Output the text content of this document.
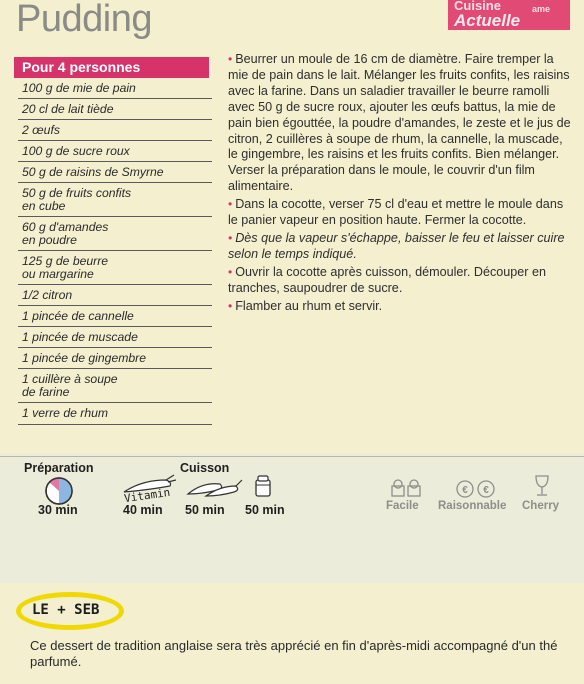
Pudding	Cuisine	ame
Actuelle
Pour 4 personnes
100 g de mie de pain
20 cl de lait tiède
2 œufs
100 g de sucre roux
50 g de raisins de Smyrne
50 g de fruits confits
en cube
60 g d'amandes
en poudre
125 g de beurre
ou margarine
1/2 citron
1 pincée de cannelle
1 pincée de muscade
1 pincée de gingembre
1 cuillère à soupe
de farine
1 verre de rhum
• Beurrer un moule de 16 cm de diamètre. Faire tremper la mie de pain dans le lait. Mélanger les fruits confits, les raisins avec la farine. Dans un saladier travailler le beurre ramolli avec 50 g de sucre roux, ajouter les œufs battus, la mie de pain bien égouttée, la poudre d'amandes, le zeste et le jus de citron, 2 cuillères à soupe de rhum, la cannelle, la muscade, le gingembre, les raisins et les fruits confits. Bien mélanger. Verser la préparation dans le moule, le couvrir d'un film alimentaire.
• Dans la cocotte, verser 75 cl d'eau et mettre le moule dans le panier vapeur en position haute. Fermer la cocotte.
• Dès que la vapeur s'échappe, baisser le feu et laisser cuire selon le temps indiqué.
• Ouvrir la cocotte après cuisson, démouler. Découper en tranches, saupoudrer de sucre.
• Flamber au rhum et servir.
Préparation
30 min
Vitamin
40 min
Cuisson
50 min 50 min	Facile
€ €
Raisonnable Cherry
LE + SEB
Ce dessert de tradition anglaise sera très apprécié en fin d'après-midi accompagné d'un thé parfumé.
